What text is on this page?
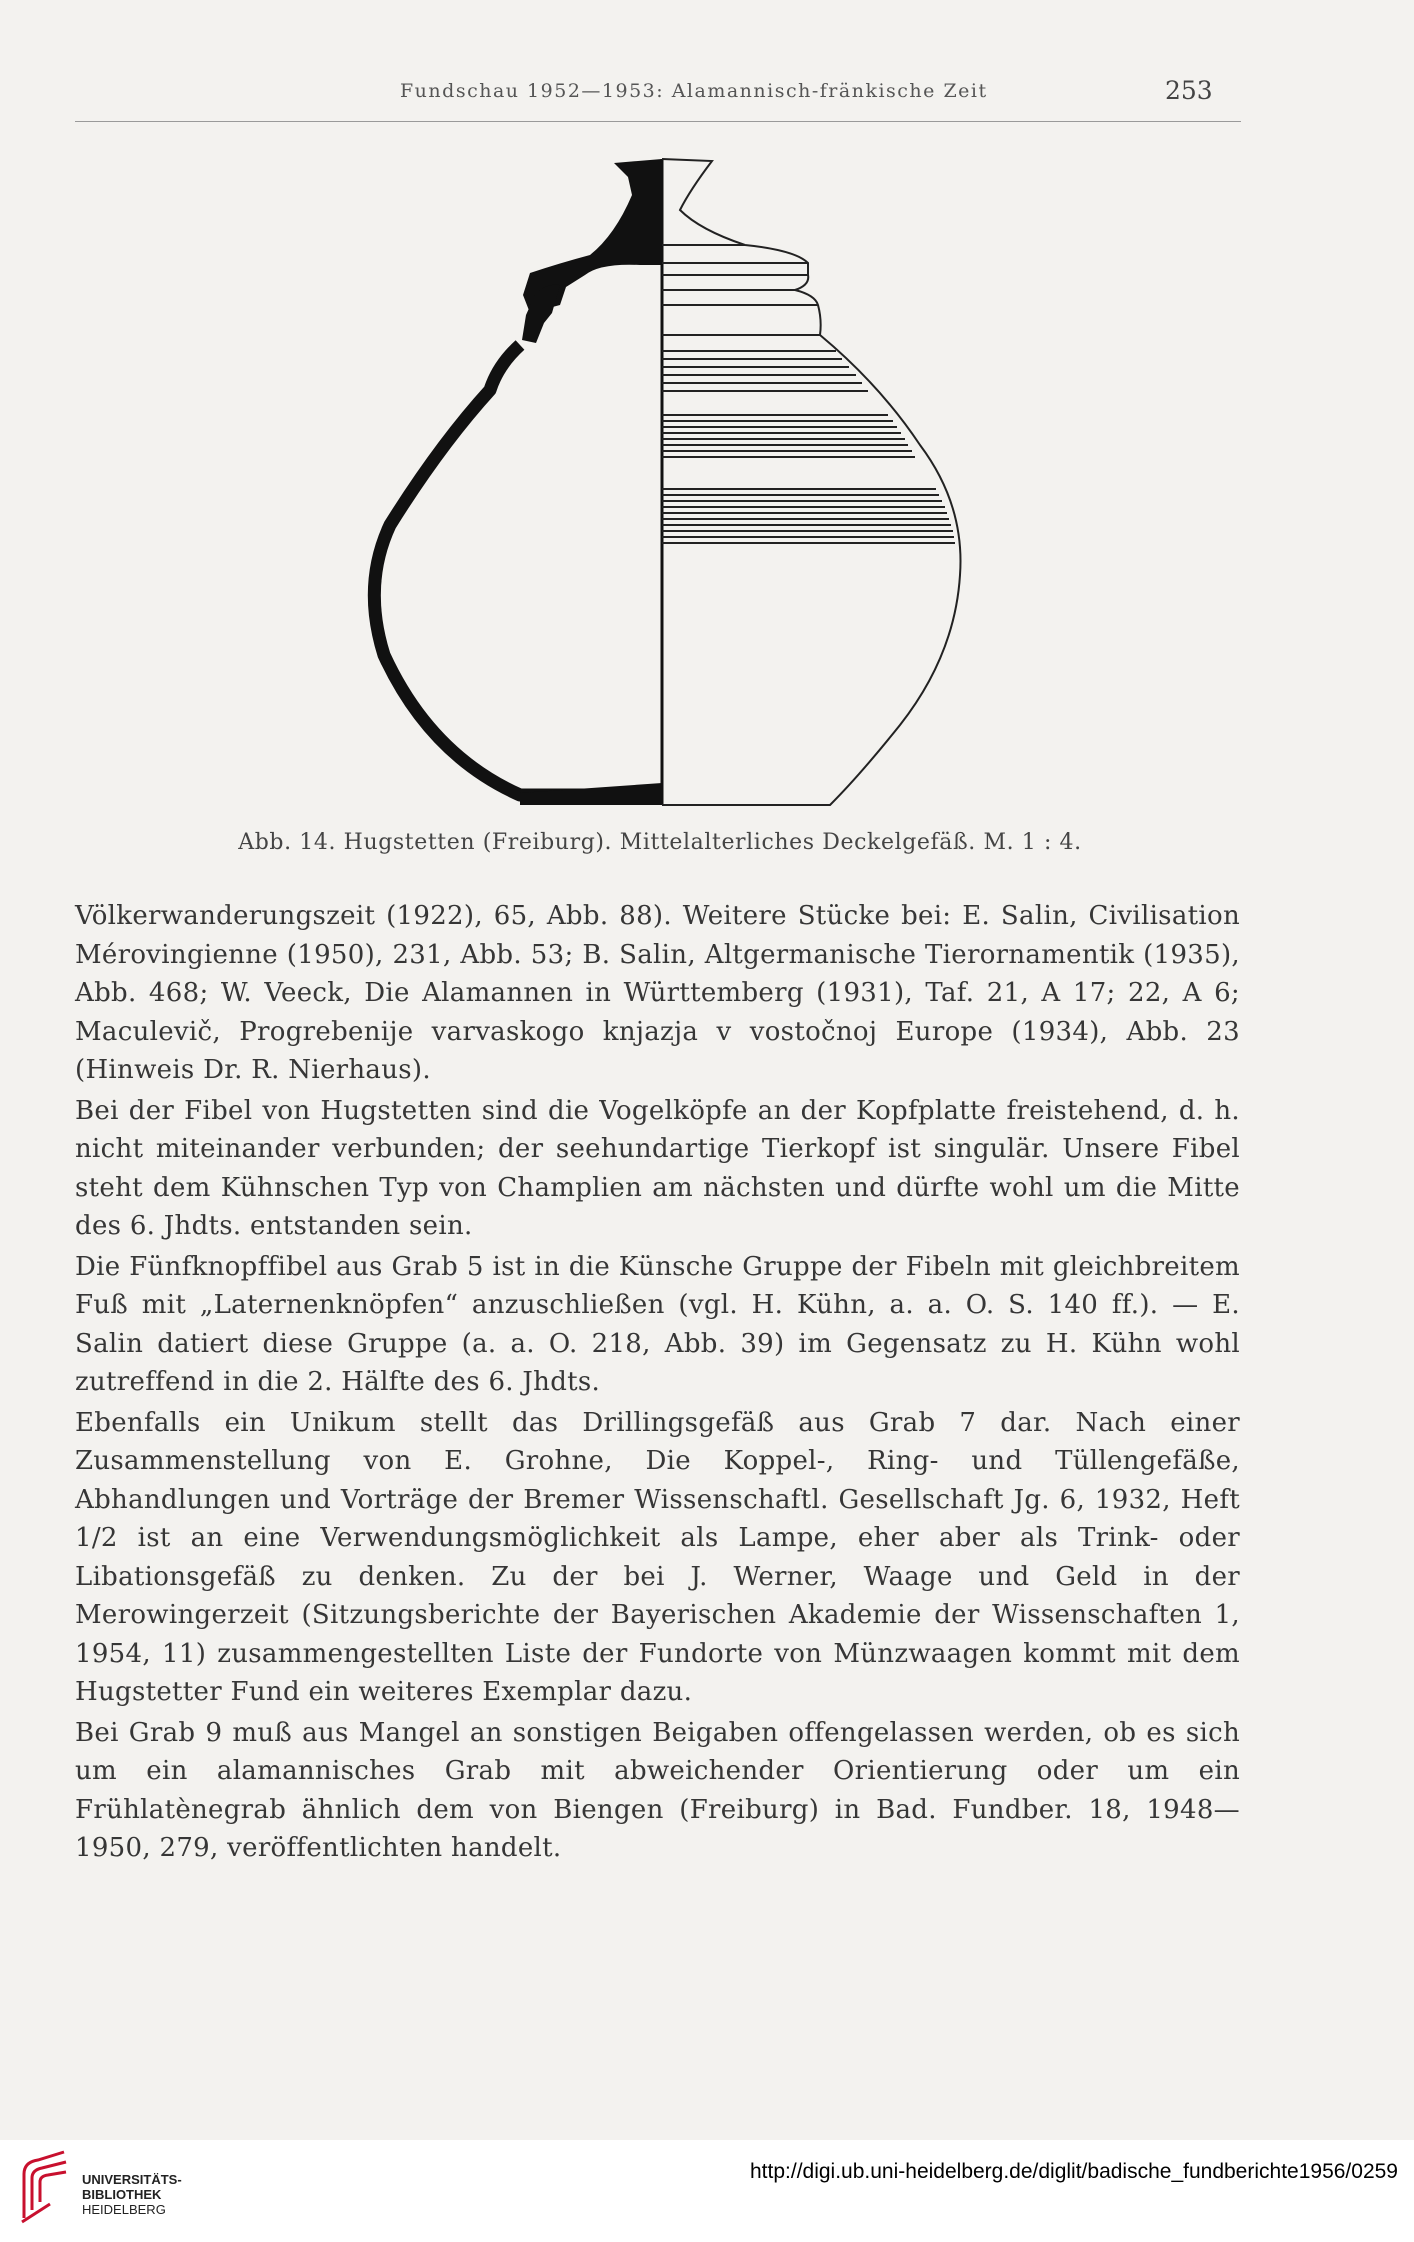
Fundschau 1952—1953: Alamannisch-fränkische Zeit	253
Abb. 14. Hugstetten (Freiburg). Mittelalterliches Deckelgefäß. M. 1 : 4.

Völkerwanderungszeit (1922), 65, Abb. 88). Weitere Stücke bei: E. Salin, Civilisation Mérovingienne (1950), 231, Abb. 53; B. Salin, Altgermanische Tierornamentik (1935), Abb. 468; W. Veeck, Die Alamannen in Württemberg (1931), Taf. 21, A 17; 22, A 6; Maculevič, Progrebenije varvaskogo knjazja v vostočnoj Europe (1934), Abb. 23 (Hinweis Dr. R. Nierhaus).

Bei der Fibel von Hugstetten sind die Vogelköpfe an der Kopfplatte freistehend, d. h. nicht miteinander verbunden; der seehundartige Tierkopf ist singulär. Unsere Fibel steht dem Kühnschen Typ von Champlien am nächsten und dürfte wohl um die Mitte des 6. Jhdts. entstanden sein.

Die Fünfknopffibel aus Grab 5 ist in die Künsche Gruppe der Fibeln mit gleichbreitem Fuß mit „Laternenknöpfen“ anzuschließen (vgl. H. Kühn, a. a. O. S. 140 ff.). — E. Salin datiert diese Gruppe (a. a. O. 218, Abb. 39) im Gegensatz zu H. Kühn wohl zutreffend in die 2. Hälfte des 6. Jhdts.

Ebenfalls ein Unikum stellt das Drillingsgefäß aus Grab 7 dar. Nach einer Zusammenstellung von E. Grohne, Die Koppel-, Ring- und Tüllengefäße, Abhandlungen und Vorträge der Bremer Wissenschaftl. Gesellschaft Jg. 6, 1932, Heft 1/2 ist an eine Verwendungsmöglichkeit als Lampe, eher aber als Trink- oder Libationsgefäß zu denken. Zu der bei J. Werner, Waage und Geld in der Merowingerzeit (Sitzungsberichte der Bayerischen Akademie der Wissenschaften 1, 1954, 11) zusammengestellten Liste der Fundorte von Münzwaagen kommt mit dem Hugstetter Fund ein weiteres Exemplar dazu.

Bei Grab 9 muß aus Mangel an sonstigen Beigaben offengelassen werden, ob es sich um ein alamannisches Grab mit abweichender Orientierung oder um ein Frühlatènegrab ähnlich dem von Biengen (Freiburg) in Bad. Fundber. 18, 1948—1950, 279, veröffentlichten handelt.

UNIVERSITÄTS-
BIBLIOTHEK
HEIDELBERG
http://digi.ub.uni-heidelberg.de/diglit/badische_fundberichte1956/0259
